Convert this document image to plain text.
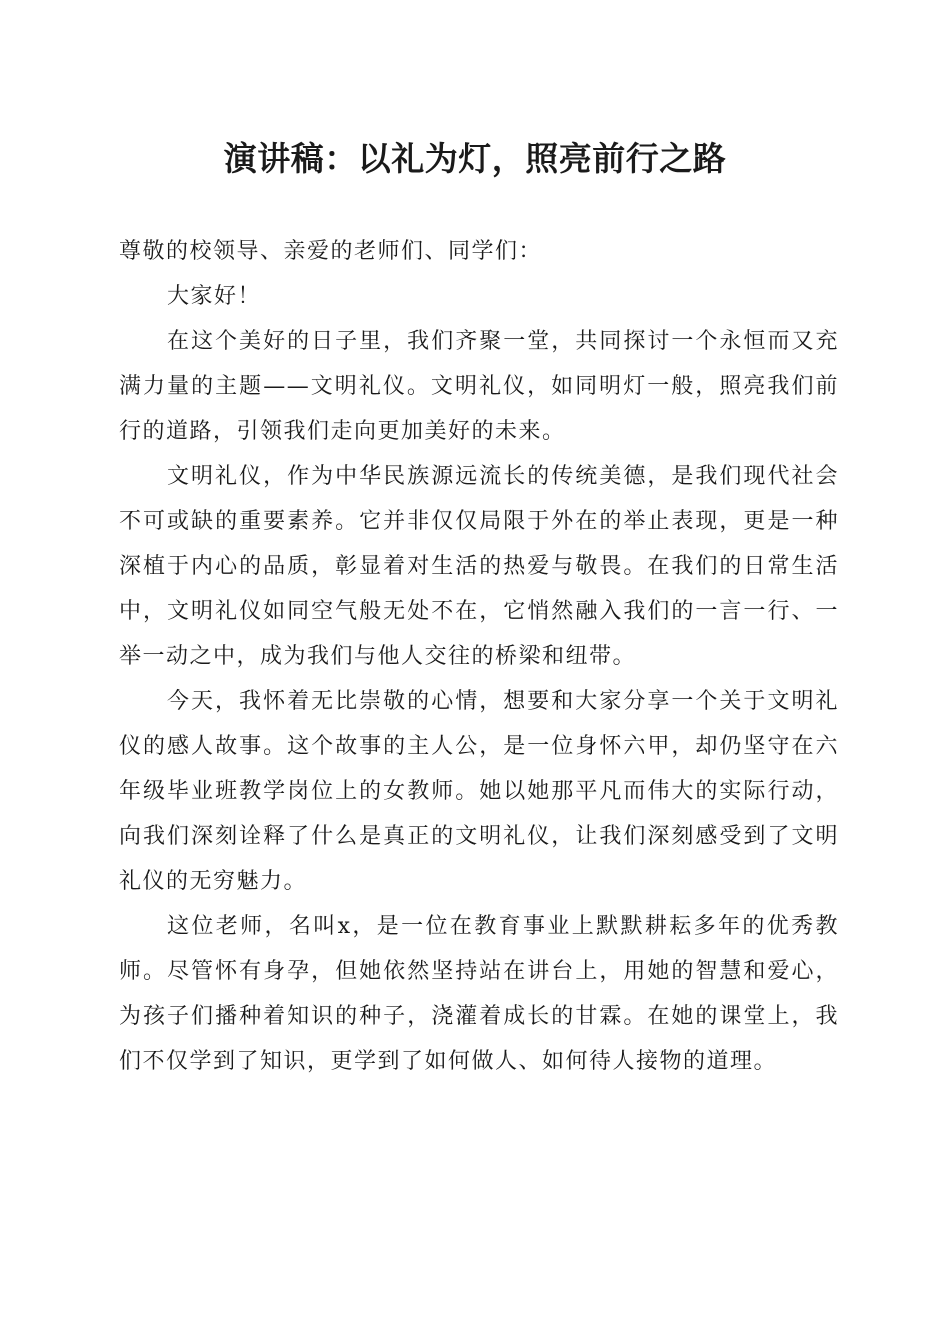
演讲稿：以礼为灯，照亮前行之路

尊敬的校领导、亲爱的老师们、同学们：

大家好！

在这个美好的日子里，我们齐聚一堂，共同探讨一个永恒而又充满力量的主题——文明礼仪。文明礼仪，如同明灯一般，照亮我们前行的道路，引领我们走向更加美好的未来。

文明礼仪，作为中华民族源远流长的传统美德，是我们现代社会不可或缺的重要素养。它并非仅仅局限于外在的举止表现，更是一种深植于内心的品质，彰显着对生活的热爱与敬畏。在我们的日常生活中，文明礼仪如同空气般无处不在，它悄然融入我们的一言一行、一举一动之中，成为我们与他人交往的桥梁和纽带。

今天，我怀着无比崇敬的心情，想要和大家分享一个关于文明礼仪的感人故事。这个故事的主人公，是一位身怀六甲，却仍坚守在六年级毕业班教学岗位上的女教师。她以她那平凡而伟大的实际行动，向我们深刻诠释了什么是真正的文明礼仪，让我们深刻感受到了文明礼仪的无穷魅力。

这位老师，名叫x，是一位在教育事业上默默耕耘多年的优秀教师。尽管怀有身孕，但她依然坚持站在讲台上，用她的智慧和爱心，为孩子们播种着知识的种子，浇灌着成长的甘霖。在她的课堂上，我们不仅学到了知识，更学到了如何做人、如何待人接物的道理。
